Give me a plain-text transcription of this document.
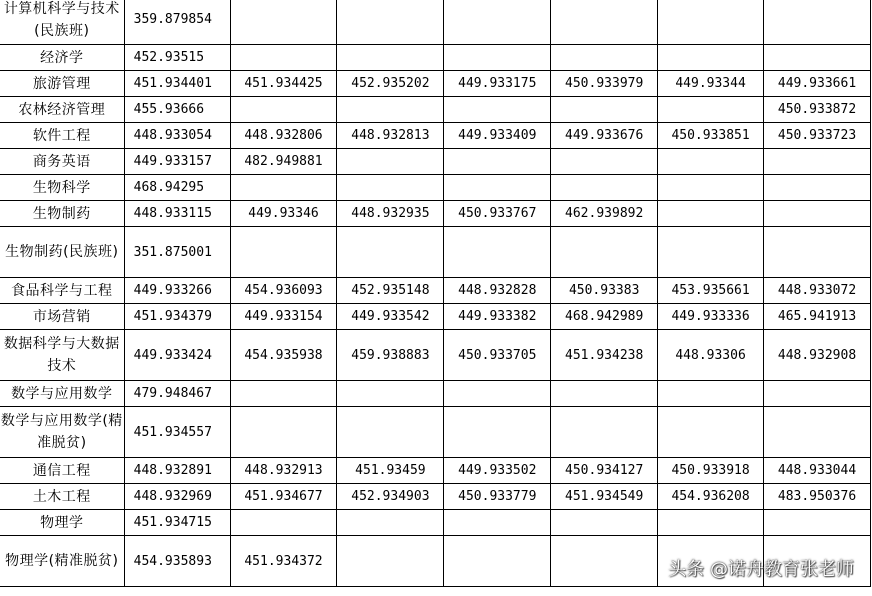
计算机科学与技术(民族班)	359.879854						
经济学	452.93515						
旅游管理	451.934401	451.934425	452.935202	449.933175	450.933979	449.93344	449.933661
农林经济管理	455.93666						450.933872
软件工程	448.933054	448.932806	448.932813	449.933409	449.933676	450.933851	450.933723
商务英语	449.933157	482.949881					
生物科学	468.94295						
生物制药	448.933115	449.93346	448.932935	450.933767	462.939892		
生物制药(民族班)	351.875001						
食品科学与工程	449.933266	454.936093	452.935148	448.932828	450.93383	453.935661	448.933072
市场营销	451.934379	449.933154	449.933542	449.933382	468.942989	449.933336	465.941913
数据科学与大数据技术	449.933424	454.935938	459.938883	450.933705	451.934238	448.93306	448.932908
数学与应用数学	479.948467						
数学与应用数学(精准脱贫)	451.934557						
通信工程	448.932891	448.932913	451.93459	449.933502	450.934127	450.933918	448.933044
土木工程	448.932969	451.934677	452.934903	450.933779	451.934549	454.936208	483.950376
物理学	451.934715						
物理学(精准脱贫)	454.935893	451.934372						头条 @诺舟教育张老师
